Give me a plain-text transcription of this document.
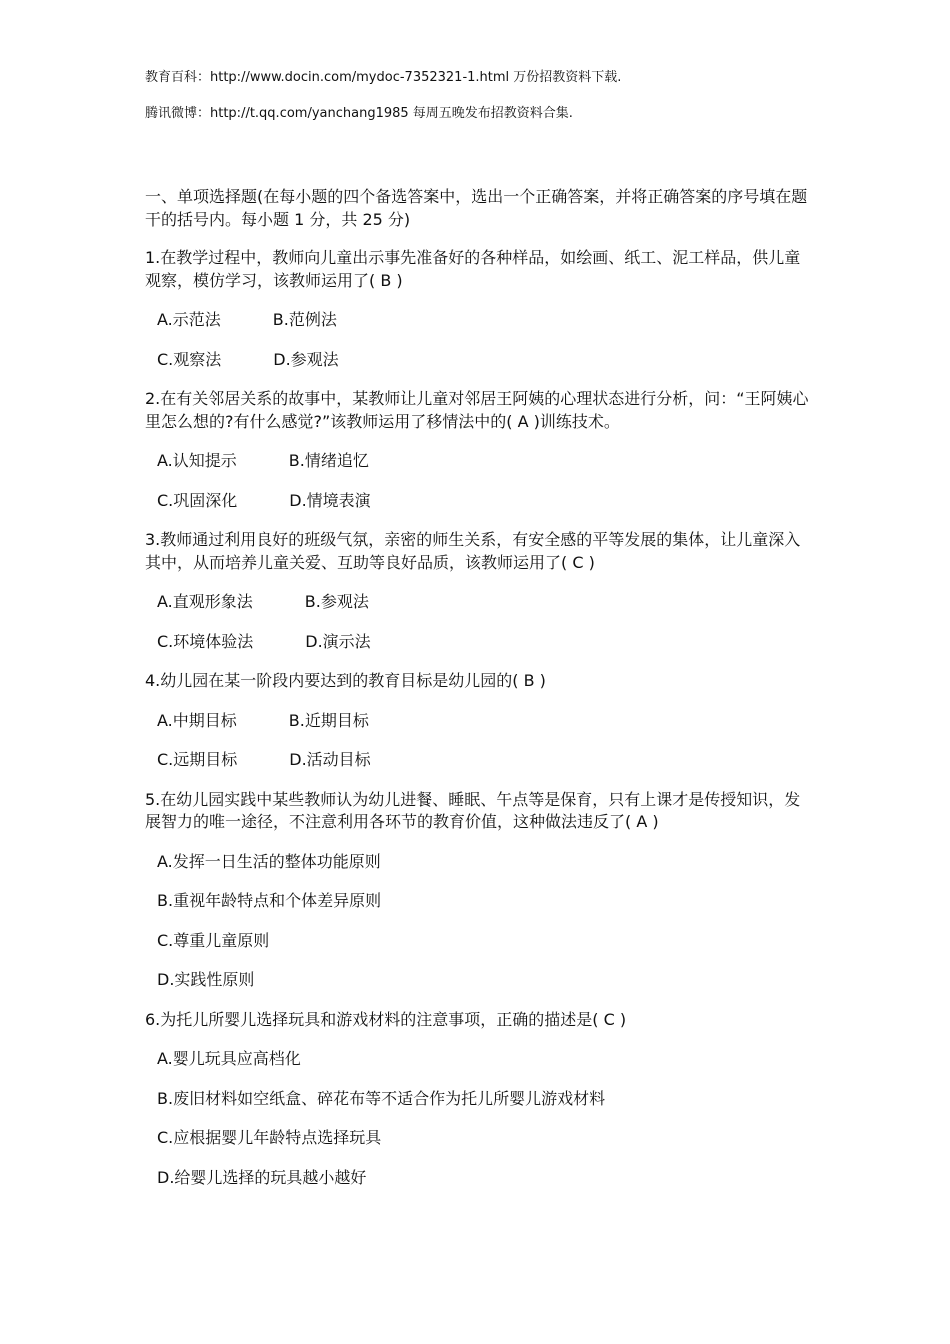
教育百科：http://www.docin.com/mydoc-7352321-1.html 万份招教资料下载.
腾讯微博：http://t.qq.com/yanchang1985 每周五晚发布招教资料合集.

一、单项选择题(在每小题的四个备选答案中，选出一个正确答案，并将正确答案的序号填在题干的括号内。每小题 1 分，共 25 分)

1.在教学过程中，教师向儿童出示事先准备好的各种样品，如绘画、纸工、泥工样品，供儿童观察，模仿学习，该教师运用了( B )

A.示范法	B.范例法
C.观察法	D.参观法

2.在有关邻居关系的故事中，某教师让儿童对邻居王阿姨的心理状态进行分析，问：“王阿姨心里怎么想的?有什么感觉?”该教师运用了移情法中的( A )训练技术。

A.认知提示	B.情绪追忆
C.巩固深化	D.情境表演

3.教师通过利用良好的班级气氛，亲密的师生关系，有安全感的平等发展的集体，让儿童深入其中，从而培养儿童关爱、互助等良好品质，该教师运用了( C )

A.直观形象法	B.参观法
C.环境体验法	D.演示法

4.幼儿园在某一阶段内要达到的教育目标是幼儿园的( B )

A.中期目标	B.近期目标
C.远期目标	D.活动目标

5.在幼儿园实践中某些教师认为幼儿进餐、睡眠、午点等是保育，只有上课才是传授知识，发展智力的唯一途径，不注意利用各环节的教育价值，这种做法违反了( A )

A.发挥一日生活的整体功能原则
B.重视年龄特点和个体差异原则
C.尊重儿童原则
D.实践性原则

6.为托儿所婴儿选择玩具和游戏材料的注意事项，正确的描述是( C )

A.婴儿玩具应高档化
B.废旧材料如空纸盒、碎花布等不适合作为托儿所婴儿游戏材料
C.应根据婴儿年龄特点选择玩具
D.给婴儿选择的玩具越小越好
